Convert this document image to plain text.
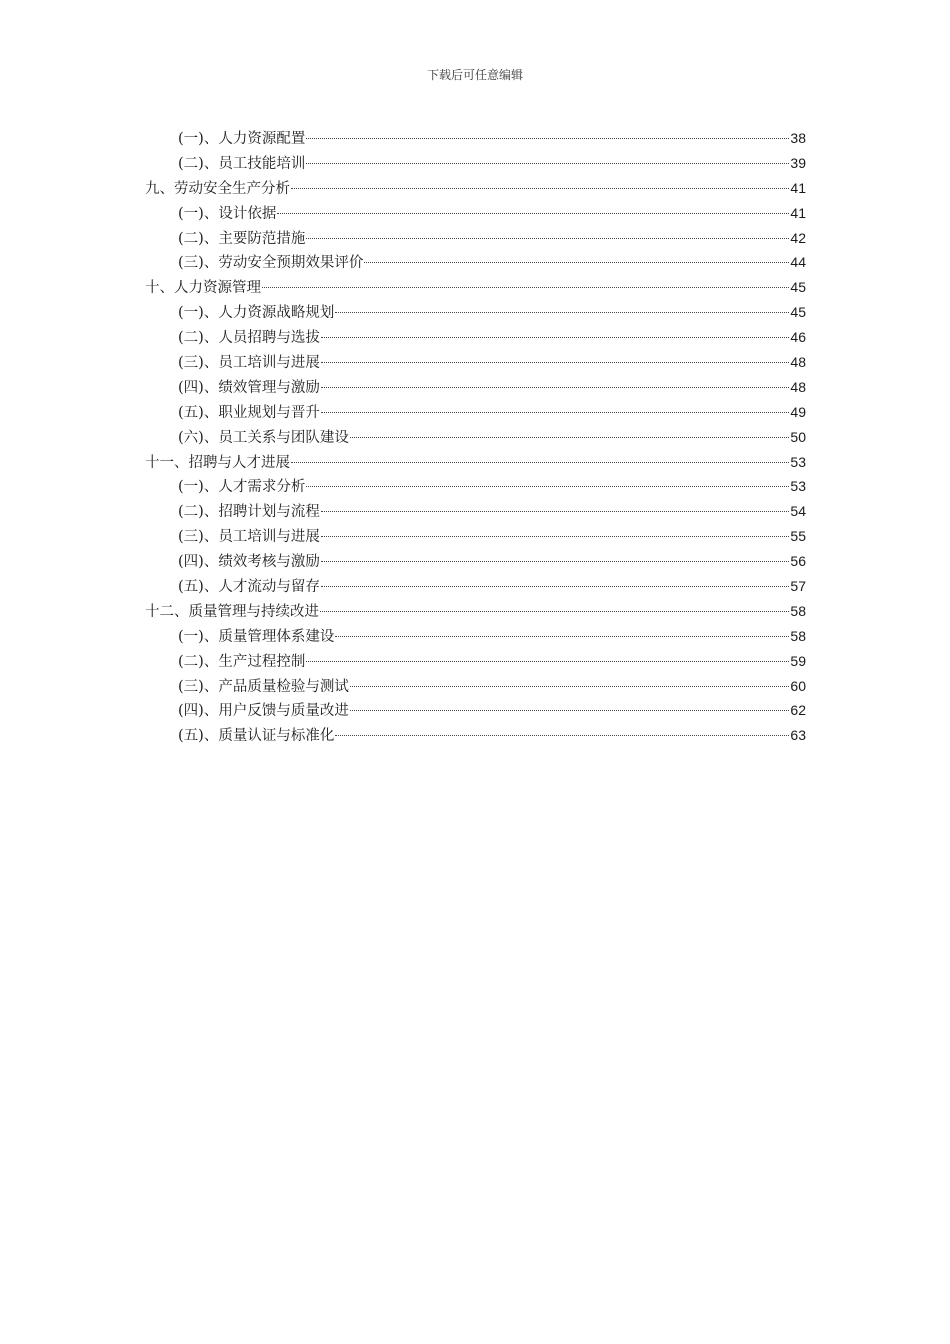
下载后可任意编辑
(一)、人力资源配置	38
(二)、员工技能培训	39
九、劳动安全生产分析	41
(一)、设计依据	41
(二)、主要防范措施	42
(三)、劳动安全预期效果评价	44
十、人力资源管理	45
(一)、人力资源战略规划	45
(二)、人员招聘与选拔	46
(三)、员工培训与进展	48
(四)、绩效管理与激励	48
(五)、职业规划与晋升	49
(六)、员工关系与团队建设	50
十一、招聘与人才进展	53
(一)、人才需求分析	53
(二)、招聘计划与流程	54
(三)、员工培训与进展	55
(四)、绩效考核与激励	56
(五)、人才流动与留存	57
十二、质量管理与持续改进	58
(一)、质量管理体系建设	58
(二)、生产过程控制	59
(三)、产品质量检验与测试	60
(四)、用户反馈与质量改进	62
(五)、质量认证与标准化	63
